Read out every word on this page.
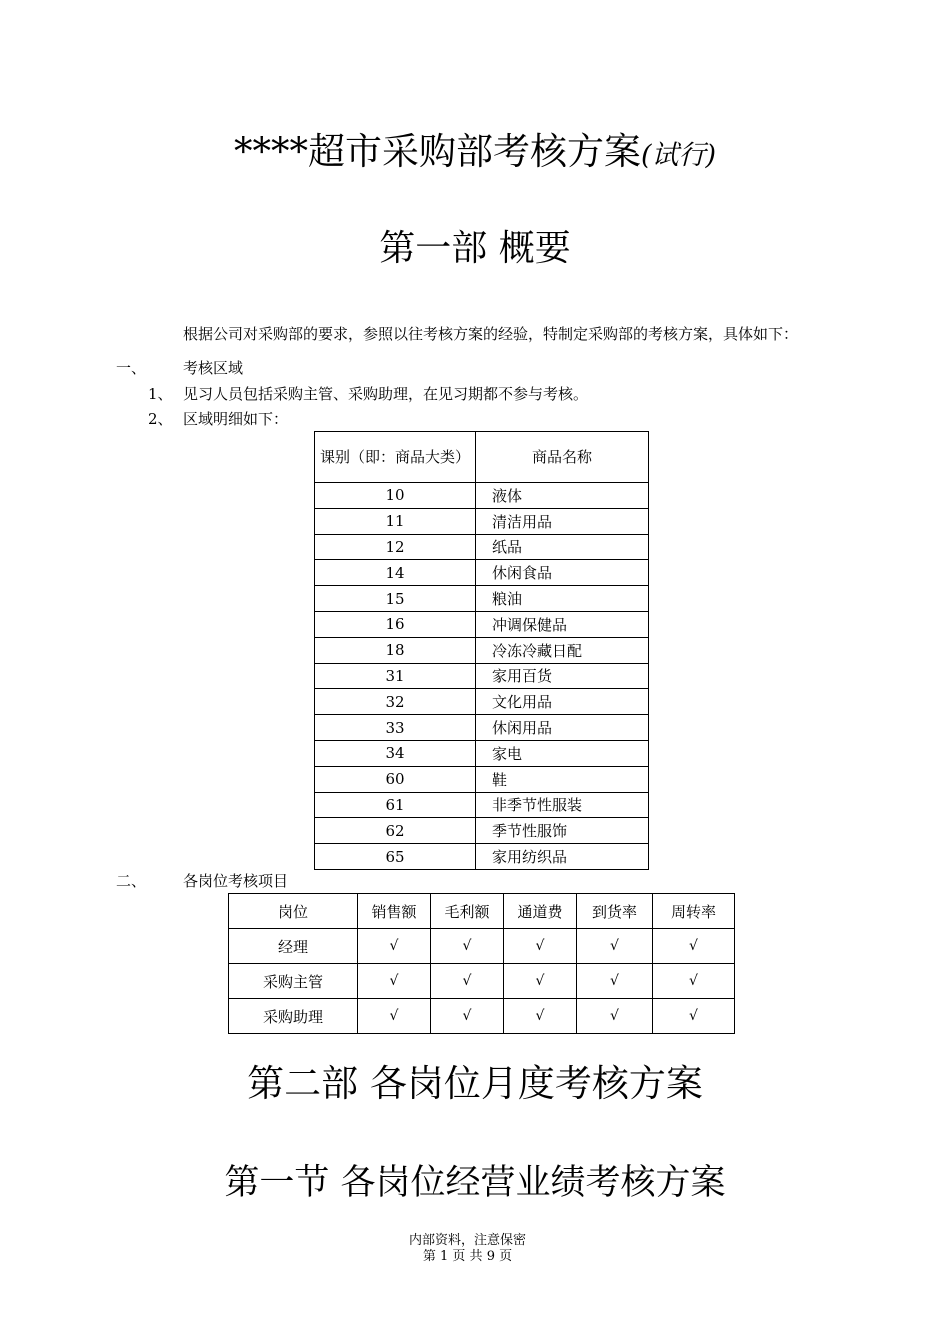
****超市采购部考核方案(试行)
第一部 概要
根据公司对采购部的要求，参照以往考核方案的经验，特制定采购部的考核方案，具体如下：
一、 考核区域
1、 见习人员包括采购主管、采购助理，在见习期都不参与考核。
2、 区域明细如下：
课别（即：商品大类）	商品名称
10	液体
11	清洁用品
12	纸品
14	休闲食品
15	粮油
16	冲调保健品
18	冷冻冷藏日配
31	家用百货
32	文化用品
33	休闲用品
34	家电
60	鞋
61	非季节性服装
62	季节性服饰
65	家用纺织品
二、 各岗位考核项目
岗位	销售额	毛利额	通道费	到货率	周转率
经理	√	√	√	√	√
采购主管	√	√	√	√	√
采购助理	√	√	√	√	√
第二部 各岗位月度考核方案
第一节 各岗位经营业绩考核方案
内部资料，注意保密
第 1 页 共 9 页
